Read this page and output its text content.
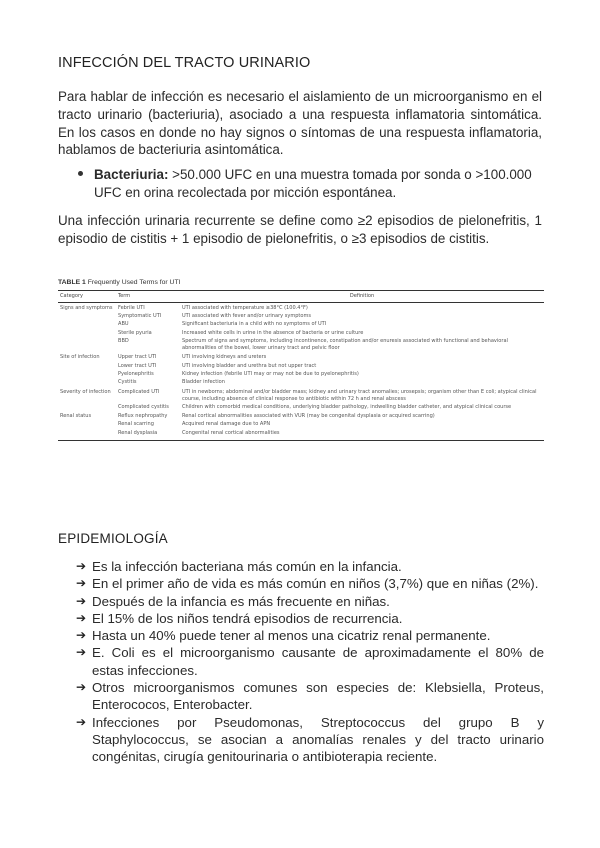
INFECCIÓN DEL TRACTO URINARIO

Para hablar de infección es necesario el aislamiento de un microorganismo en el tracto urinario (bacteriuria), asociado a una respuesta inflamatoria sintomática. En los casos en donde no hay signos o síntomas de una respuesta inflamatoria, hablamos de bacteriuria asintomática.

Bacteriuria: >50.000 UFC en una muestra tomada por sonda o >100.000 UFC en orina recolectada por micción espontánea.

Una infección urinaria recurrente se define como ≥2 episodios de pielonefritis, 1 episodio de cistitis + 1 episodio de pielonefritis, o ≥3 episodios de cistitis.

TABLE 1 Frequently Used Terms for UTI
Category	Term	Definition
Signs and symptoms	Febrile UTI	UTI associated with temperature ≥38°C (100.4°F)
	Symptomatic UTI	UTI associated with fever and/or urinary symptoms
	ABU	Significant bacteriuria in a child with no symptoms of UTI
	Sterile pyuria	Increased white cells in urine in the absence of bacteria or urine culture
	BBD	Spectrum of signs and symptoms, including incontinence, constipation and/or enuresis associated with functional and behavioral abnormalities of the bowel, lower urinary tract and pelvic floor
Site of infection	Upper tract UTI	UTI involving kidneys and ureters
	Lower tract UTI	UTI involving bladder and urethra but not upper tract
	Pyelonephritis	Kidney infection (febrile UTI may or may not be due to pyelonephritis)
	Cystitis	Bladder infection
Severity of infection	Complicated UTI	UTI in newborns; abdominal and/or bladder mass; kidney and urinary tract anomalies; urosepsis; organism other than E coli; atypical clinical course, including absence of clinical response to antibiotic within 72 h and renal abscess
	Complicated cystitis	Children with comorbid medical conditions, underlying bladder pathology, indwelling bladder catheter, and atypical clinical course
Renal status	Reflux nephropathy	Renal cortical abnormalities associated with VUR (may be congenital dysplasia or acquired scarring)
	Renal scarring	Acquired renal damage due to APN
	Renal dysplasia	Congenital renal cortical abnormalities
EPIDEMIOLOGÍA
➔ Es la infección bacteriana más común en la infancia.
➔ En el primer año de vida es más común en niños (3,7%) que en niñas (2%).
➔ Después de la infancia es más frecuente en niñas.
➔ El 15% de los niños tendrá episodios de recurrencia.
➔ Hasta un 40% puede tener al menos una cicatriz renal permanente.
➔ E. Coli es el microorganismo causante de aproximadamente el 80% de estas infecciones.
➔ Otros microorganismos comunes son especies de: Klebsiella, Proteus, Enterococos, Enterobacter.
➔ Infecciones por Pseudomonas, Streptococcus del grupo B y Staphylococcus, se asocian a anomalías renales y del tracto urinario congénitas, cirugía genitourinaria o antibioterapia reciente.
